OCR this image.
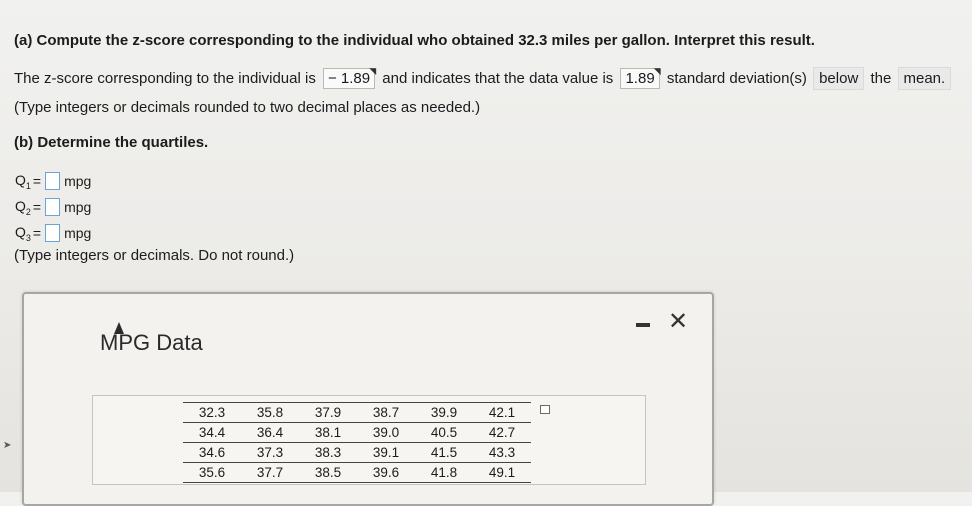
(a) Compute the z-score corresponding to the individual who obtained 32.3 miles per gallon. Interpret this result.
The z-score corresponding to the individual is − 1.89 ◥ and indicates that the data value is 1.89 ◥ standard deviation(s) below the mean.
(Type integers or decimals rounded to two decimal places as needed.)
(b) Determine the quartiles.
$Q_1$ = mpg
$Q_2$ = mpg
$Q_3$ = mpg
(Type integers or decimals. Do not round.)
MPG Data
✕
32.3	35.8	37.9	38.7	39.9	42.1
34.4	36.4	38.1	39.0	40.5	42.7
34.6	37.3	38.3	39.1	41.5	43.3
35.6	37.7	38.5	39.6	41.8	49.1
➤
